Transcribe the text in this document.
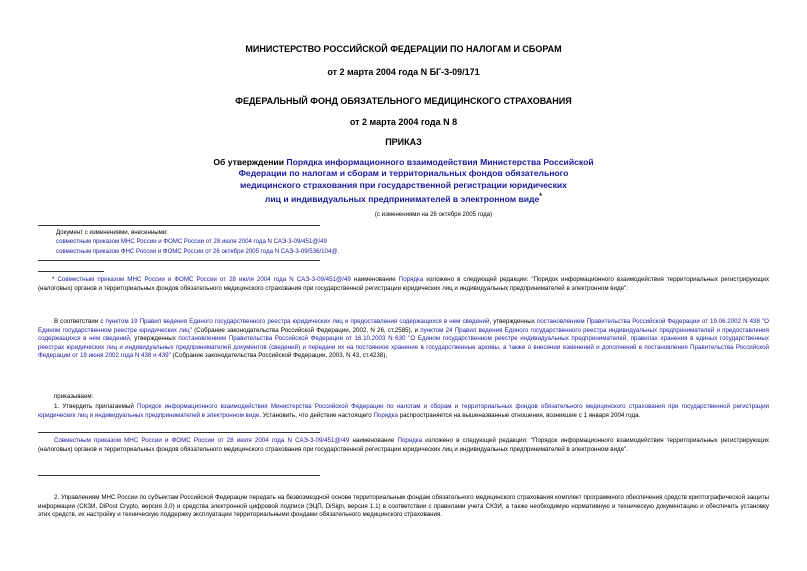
МИНИСТЕРСТВО РОССИЙСКОЙ ФЕДЕРАЦИИ ПО НАЛОГАМ И СБОРАМ
от 2 марта 2004 года N БГ-3-09/171
ФЕДЕРАЛЬНЫЙ ФОНД ОБЯЗАТЕЛЬНОГО МЕДИЦИНСКОГО СТРАХОВАНИЯ
от 2 марта 2004 года N 8
ПРИКАЗ
Об утверждении Порядка информационного взаимодействия Министерства Российской
Федерации по налогам и сборам и территориальных фондов обязательного
медицинского страхования при государственной регистрации юридических
лиц и индивидуальных предпринимателей в электронном виде*
(с изменениями на 26 октября 2005 года)
Документ с изменениями, внесенными:
совместным приказом МНС России и ФОМС России от 28 июля 2004 года N САЭ-3-09/451@/49
совместным приказом ФНС России и ФОМС России от 26 октября 2005 года N САЭ-3-09/536/104@.
* Совместным приказом МНС России и ФОМС России от 28 июля 2004 года N САЭ-3-09/451@/49 наименование Порядка изложено в следующей редакции: "Порядок информационного взаимодействия территориальных регистрирующих (налоговых) органов и территориальных фондов обязательного медицинского страхования при государственной регистрации юридических лиц и индивидуальных предпринимателей в электронном виде".
В соответствии с пунктом 19 Правил ведения Единого государственного реестра юридических лиц и предоставления содержащихся в нем сведений, утвержденных постановлением Правительства Российской Федерации от 19.06.2002 N 438 "О Едином государственном реестре юридических лиц" (Собрание законодательства Российской Федерации, 2002, N 26, ст.2585), и пунктом 24 Правил ведения Единого государственного реестра индивидуальных предпринимателей и предоставления содержащихся в нем сведений, утвержденных постановлением Правительства Российской Федерации от 16.10.2003 N 630 "О Едином государственном реестре индивидуальных предпринимателей, правилах хранения в единых государственных реестрах юридических лиц и индивидуальных предпринимателей документов (сведений) и передачи их на постоянное хранение в государственные архивы, а также о внесении изменений и дополнений в постановления Правительства Российской Федерации от 19 июня 2002 года N 438 и 439" (Собрание законодательства Российской Федерации, 2003, N 43, ст.4238),
приказываем:
1. Утвердить прилагаемый Порядок информационного взаимодействия Министерства Российской Федерации по налогам и сборам и территориальных фондов обязательного медицинского страхования при государственной регистрации юридических лиц и индивидуальных предпринимателей в электронном виде. Установить, что действие настоящего Порядка распространяется на вышеназванные отношения, возникшие с 1 января 2004 года.
Совместным приказом МНС России и ФОМС России от 28 июля 2004 года N САЭ-3-09/451@/49 наименование Порядка изложено в следующей редакции: "Порядок информационного взаимодействия территориальных регистрирующих (налоговых) органов и территориальных фондов обязательного медицинского страхования при государственной регистрации юридических лиц и индивидуальных предпринимателей в электронном виде".
2. Управлениям МНС России по субъектам Российской Федерации передать на безвозмездной основе территориальным фондам обязательного медицинского страхования комплект программного обеспечения средств криптографической защиты информации (СКЗИ, DiPost Crypto, версия 3.0) и средства электронной цифровой подписи (ЭЦП, DiSign, версия 1.1) в соответствии с правилами учета СКЗИ, а также необходимую нормативную и техническую документацию и обеспечить установку этих средств, их настройку и техническую поддержку эксплуатации территориальными фондами обязательного медицинского страхования.
